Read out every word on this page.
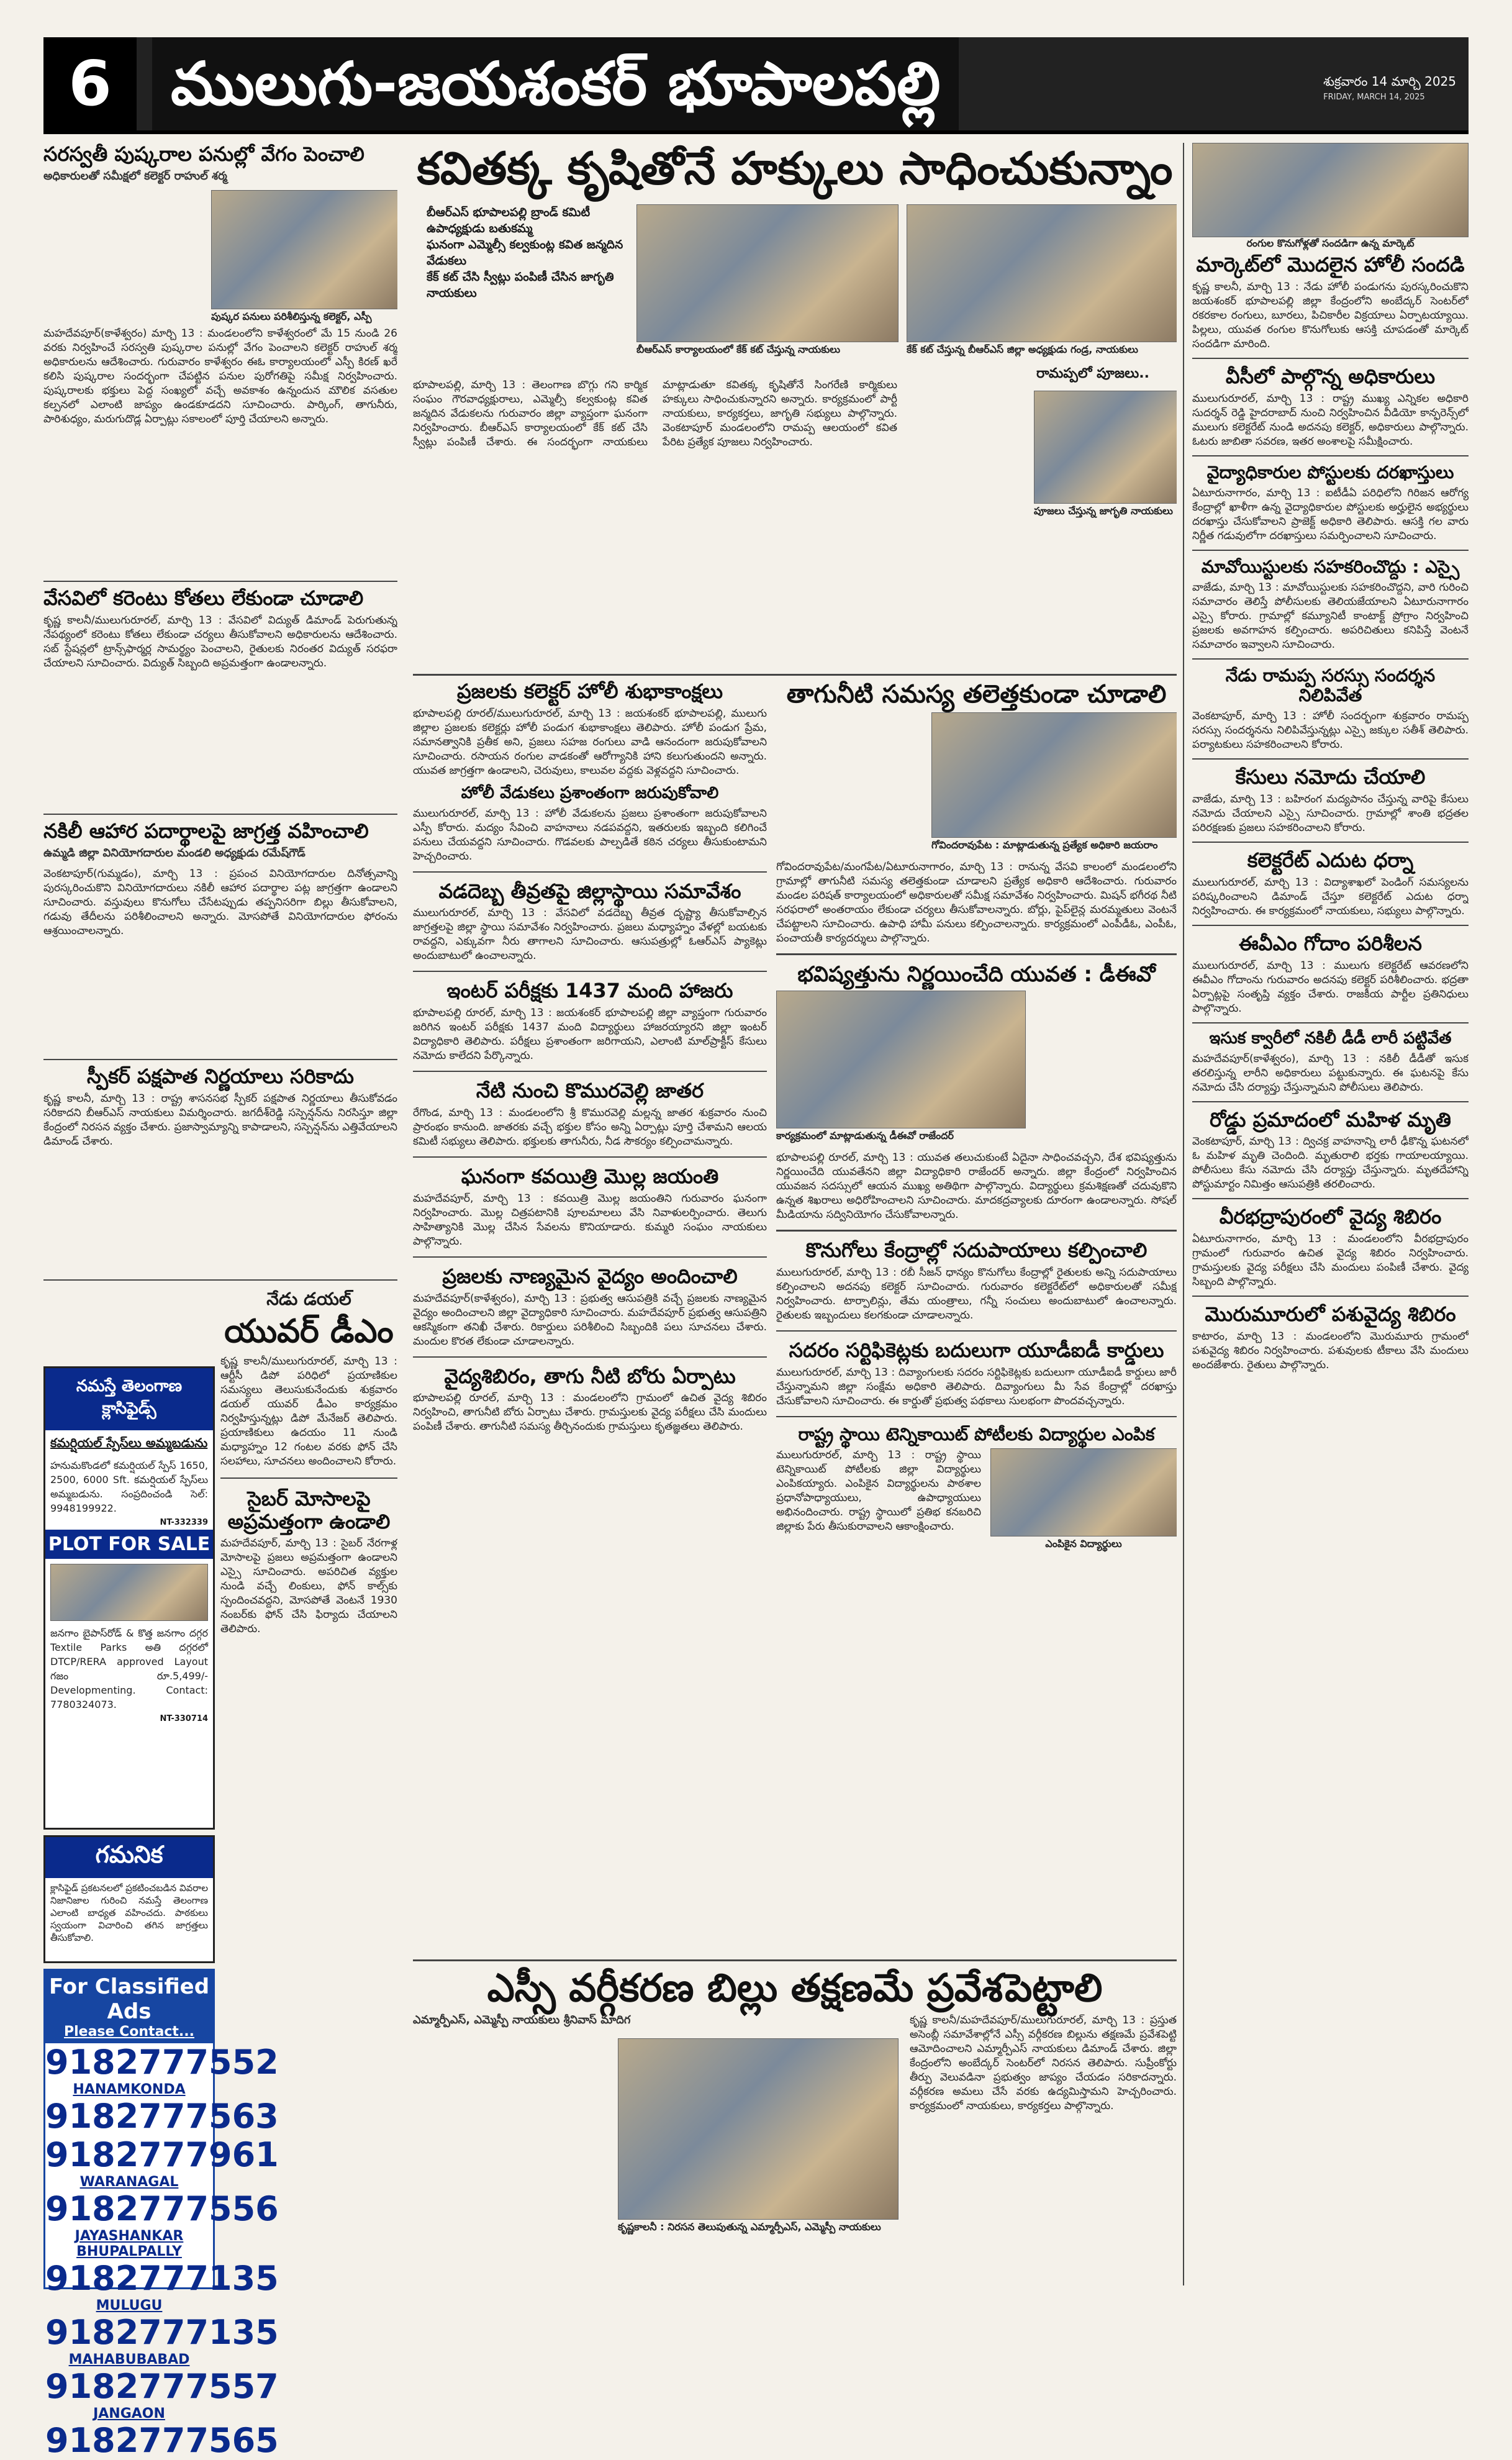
6 ములుగు-జయశంకర్ భూపాలపల్లి	శుక్రవారం 14 మార్చి 2025
FRIDAY, MARCH 14, 2025
సరస్వతీ పుష్కరాల పనుల్లో వేగం పెంచాలి
అధికారులతో సమీక్షలో కలెక్టర్ రాహుల్ శర్మ
పుష్కర పనులు పరిశీలిస్తున్న కలెక్టర్, ఎస్పీ
మహదేవపూర్(కాళేశ్వరం) మార్చి 13 : మండలంలోని కాళేశ్వరంలో మే 15 నుండి 26 వరకు నిర్వహించే సరస్వతి పుష్కరాల పనుల్లో వేగం పెంచాలని కలెక్టర్ రాహుల్ శర్మ అధికారులను ఆదేశించారు. గురువారం కాళేశ్వరం ఈఓ కార్యాలయంలో ఎస్పీ కిరణ్ ఖరే కలిసి పుష్కరాల సందర్భంగా చేపట్టిన పనుల పురోగతిపై సమీక్ష నిర్వహించారు. పుష్కరాలకు భక్తులు పెద్ద సంఖ్యలో వచ్చే అవకాశం ఉన్నందున మౌలిక వసతుల కల్పనలో ఎలాంటి జాప్యం ఉండకూడదని సూచించారు. పార్కింగ్, తాగునీరు, పారిశుధ్యం, మరుగుదొడ్ల ఏర్పాట్లు సకాలంలో పూర్తి చేయాలని అన్నారు.
వేసవిలో కరెంటు కోతలు లేకుండా చూడాలి
కృష్ణ కాలనీ/ములుగురూరల్, మార్చి 13 : వేసవిలో విద్యుత్ డిమాండ్ పెరుగుతున్న నేపథ్యంలో కరెంటు కోతలు లేకుండా చర్యలు తీసుకోవాలని అధికారులను ఆదేశించారు. సబ్ స్టేషన్లలో ట్రాన్స్‌ఫార్మర్ల సామర్థ్యం పెంచాలని, రైతులకు నిరంతర విద్యుత్ సరఫరా చేయాలని సూచించారు. విద్యుత్ సిబ్బంది అప్రమత్తంగా ఉండాలన్నారు.
నకిలీ ఆహార పదార్థాలపై జాగ్రత్త వహించాలి
ఉమ్మడి జిల్లా వినియోగదారుల మండలి అధ్యక్షుడు రమేష్‌గౌడ్
వెంకటాపూర్(గుమ్మడం), మార్చి 13 : ప్రపంచ వినియోగదారుల దినోత్సవాన్ని పురస్కరించుకొని వినియోగదారులు నకిలీ ఆహార పదార్థాల పట్ల జాగ్రత్తగా ఉండాలని సూచించారు. వస్తువులు కొనుగోలు చేసేటప్పుడు తప్పనిసరిగా బిల్లు తీసుకోవాలని, గడువు తేదీలను పరిశీలించాలని అన్నారు. మోసపోతే వినియోగదారుల ఫోరంను ఆశ్రయించాలన్నారు.
స్పీకర్ పక్షపాత నిర్ణయాలు సరికాదు
కృష్ణ కాలనీ, మార్చి 13 : రాష్ట్ర శాసనసభ స్పీకర్ పక్షపాత నిర్ణయాలు తీసుకోవడం సరికాదని బీఆర్‌ఎస్ నాయకులు విమర్శించారు. జగదీశ్‌రెడ్డి సస్పెన్షన్‌ను నిరసిస్తూ జిల్లా కేంద్రంలో నిరసన వ్యక్తం చేశారు. ప్రజాస్వామ్యాన్ని కాపాడాలని, సస్పెన్షన్‌ను ఎత్తివేయాలని డిమాండ్ చేశారు.
నమస్తే తెలంగాణ క్లాసిఫైడ్స్
కమర్షియల్ స్పేస్‌లు అమ్మబడును
హనుమకొండలో కమర్షియల్ స్పేస్ 1650, 2500, 6000 Sft. కమర్షియల్ స్పేస్‌లు అమ్మబడును. సంప్రదించండి సెల్: 9948199922.
NT-332339
PLOT FOR SALE
జనగాం బైపాస్‌రోడ్ & కొత్త జనగాం దగ్గర Textile Parks అతి దగ్గరలో DTCP/RERA approved Layout గజం రూ.5,499/- Developmenting. Contact: 7780324073.
NT-330714
నేడు డయల్
యువర్ డీఎం
కృష్ణ కాలనీ/ములుగురూరల్, మార్చి 13 : ఆర్టీసీ డిపో పరిధిలో ప్రయాణికుల సమస్యలు తెలుసుకునేందుకు శుక్రవారం డయల్ యువర్ డీఎం కార్యక్రమం నిర్వహిస్తున్నట్లు డిపో మేనేజర్ తెలిపారు. ప్రయాణికులు ఉదయం 11 నుండి మధ్యాహ్నం 12 గంటల వరకు ఫోన్ చేసి సలహాలు, సూచనలు అందించాలని కోరారు.
సైబర్ మోసాలపై అప్రమత్తంగా ఉండాలి
మహదేవపూర్, మార్చి 13 : సైబర్ నేరగాళ్ల మోసాలపై ప్రజలు అప్రమత్తంగా ఉండాలని ఎస్సై సూచించారు. అపరిచిత వ్యక్తుల నుండి వచ్చే లింకులు, ఫోన్ కాల్స్‌కు స్పందించవద్దని, మోసపోతే వెంటనే 1930 నంబర్‌కు ఫోన్ చేసి ఫిర్యాదు చేయాలని తెలిపారు.
గమనిక
క్లాసిఫైడ్ ప్రకటనలలో ప్రకటించబడిన వివరాల నిజానిజాల గురించి నమస్తే తెలంగాణ ఎలాంటి బాధ్యత వహించదు. పాఠకులు స్వయంగా విచారించి తగిన జాగ్రత్తలు తీసుకోవాలి.
For Classified Ads
Please Contact...
9182777552
HANAMKONDA
9182777563
9182777961
WARANAGAL
9182777556
JAYASHANKAR BHUPALPALLY
9182777135
MULUGU
9182777135
MAHABUBABAD
9182777557
JANGAON
9182777565
కవితక్క కృషితోనే హక్కులు సాధించుకున్నాం
• బీఆర్‌ఎస్ భూపాలపల్లి బ్రాండ్ కమిటీ ఉపాధ్యక్షుడు బతుకమ్మ
• ఘనంగా ఎమ్మెల్సీ కల్వకుంట్ల కవిత జన్మదిన వేడుకలు
• కేక్ కట్ చేసి స్వీట్లు పంపిణీ చేసిన జాగృతి నాయకులు
బీఆర్‌ఎస్ కార్యాలయంలో కేక్ కట్ చేస్తున్న నాయకులు	కేక్ కట్ చేస్తున్న బీఆర్‌ఎస్ జిల్లా అధ్యక్షుడు గండ్ర, నాయకులు
భూపాలపల్లి, మార్చి 13 : తెలంగాణ బొగ్గు గని కార్మిక సంఘం గౌరవాధ్యక్షురాలు, ఎమ్మెల్సీ కల్వకుంట్ల కవిత జన్మదిన వేడుకలను గురువారం జిల్లా వ్యాప్తంగా ఘనంగా నిర్వహించారు. బీఆర్‌ఎస్ కార్యాలయంలో కేక్ కట్ చేసి స్వీట్లు పంపిణీ చేశారు. ఈ సందర్భంగా నాయకులు మాట్లాడుతూ కవితక్క కృషితోనే సింగరేణి కార్మికులు హక్కులు సాధించుకున్నారని అన్నారు. కార్యక్రమంలో పార్టీ నాయకులు, కార్యకర్తలు, జాగృతి సభ్యులు పాల్గొన్నారు. వెంకటాపూర్ మండలంలోని రామప్ప ఆలయంలో కవిత పేరిట ప్రత్యేక పూజలు నిర్వహించారు.
రామప్పలో పూజలు..
పూజలు చేస్తున్న జాగృతి నాయకులు
ప్రజలకు కలెక్టర్ హోలీ శుభాకాంక్షలు
భూపాలపల్లి రూరల్/ములుగురూరల్, మార్చి 13 : జయశంకర్ భూపాలపల్లి, ములుగు జిల్లాల ప్రజలకు కలెక్టర్లు హోలీ పండుగ శుభాకాంక్షలు తెలిపారు. హోలీ పండుగ ప్రేమ, సమానత్వానికి ప్రతీక అని, ప్రజలు సహజ రంగులు వాడి ఆనందంగా జరుపుకోవాలని సూచించారు. రసాయన రంగుల వాడకంతో ఆరోగ్యానికి హాని కలుగుతుందని అన్నారు. యువత జాగ్రత్తగా ఉండాలని, చెరువులు, కాలువల వద్దకు వెళ్లవద్దని సూచించారు.
హోలీ వేడుకలు ప్రశాంతంగా జరుపుకోవాలి
ములుగురూరల్, మార్చి 13 : హోలీ వేడుకలను ప్రజలు ప్రశాంతంగా జరుపుకోవాలని ఎస్పీ కోరారు. మద్యం సేవించి వాహనాలు నడపవద్దని, ఇతరులకు ఇబ్బంది కలిగించే పనులు చేయవద్దని సూచించారు. గొడవలకు పాల్పడితే కఠిన చర్యలు తీసుకుంటామని హెచ్చరించారు.
వడదెబ్బ తీవ్రతపై జిల్లాస్థాయి సమావేశం
ములుగురూరల్, మార్చి 13 : వేసవిలో వడదెబ్బ తీవ్రత దృష్ట్యా తీసుకోవాల్సిన జాగ్రత్తలపై జిల్లా స్థాయి సమావేశం నిర్వహించారు. ప్రజలు మధ్యాహ్నం వేళల్లో బయటకు రావద్దని, ఎక్కువగా నీరు తాగాలని సూచించారు. ఆసుపత్రుల్లో ఓఆర్‌ఎస్ ప్యాకెట్లు అందుబాటులో ఉంచాలన్నారు.
ఇంటర్ పరీక్షకు 1437 మంది హాజరు
భూపాలపల్లి రూరల్, మార్చి 13 : జయశంకర్ భూపాలపల్లి జిల్లా వ్యాప్తంగా గురువారం జరిగిన ఇంటర్ పరీక్షకు 1437 మంది విద్యార్థులు హాజరయ్యారని జిల్లా ఇంటర్ విద్యాధికారి తెలిపారు. పరీక్షలు ప్రశాంతంగా జరిగాయని, ఎలాంటి మాల్‌ప్రాక్టీస్ కేసులు నమోదు కాలేదని పేర్కొన్నారు.
నేటి నుంచి కొమురవెల్లి జాతర
రేగొండ, మార్చి 13 : మండలంలోని శ్రీ కొమురవెల్లి మల్లన్న జాతర శుక్రవారం నుంచి ప్రారంభం కానుంది. జాతరకు వచ్చే భక్తుల కోసం అన్ని ఏర్పాట్లు పూర్తి చేశామని ఆలయ కమిటీ సభ్యులు తెలిపారు. భక్తులకు తాగునీరు, నీడ సౌకర్యం కల్పించామన్నారు.
ఘనంగా కవయిత్రి మొల్ల జయంతి
మహదేవపూర్, మార్చి 13 : కవయిత్రి మొల్ల జయంతిని గురువారం ఘనంగా నిర్వహించారు. మొల్ల చిత్రపటానికి పూలమాలలు వేసి నివాళులర్పించారు. తెలుగు సాహిత్యానికి మొల్ల చేసిన సేవలను కొనియాడారు. కుమ్మరి సంఘం నాయకులు పాల్గొన్నారు.
ప్రజలకు నాణ్యమైన వైద్యం అందించాలి
మహదేవపూర్(కాళేశ్వరం), మార్చి 13 : ప్రభుత్వ ఆసుపత్రికి వచ్చే ప్రజలకు నాణ్యమైన వైద్యం అందించాలని జిల్లా వైద్యాధికారి సూచించారు. మహదేవపూర్ ప్రభుత్వ ఆసుపత్రిని ఆకస్మికంగా తనిఖీ చేశారు. రికార్డులు పరిశీలించి సిబ్బందికి పలు సూచనలు చేశారు. మందుల కొరత లేకుండా చూడాలన్నారు.
వైద్యశిబిరం, తాగు నీటి బోరు ఏర్పాటు
భూపాలపల్లి రూరల్, మార్చి 13 : మండలంలోని గ్రామంలో ఉచిత వైద్య శిబిరం నిర్వహించి, తాగునీటి బోరు ఏర్పాటు చేశారు. గ్రామస్తులకు వైద్య పరీక్షలు చేసి మందులు పంపిణీ చేశారు. తాగునీటి సమస్య తీర్చినందుకు గ్రామస్తులు కృతజ్ఞతలు తెలిపారు.
తాగునీటి సమస్య తలెత్తకుండా చూడాలి
గోవిందరావుపేట : మాట్లాడుతున్న ప్రత్యేక అధికారి జయరాం
గోవిందరావుపేట/మంగపేట/ఏటూరునాగారం, మార్చి 13 : రానున్న వేసవి కాలంలో మండలంలోని గ్రామాల్లో తాగునీటి సమస్య తలెత్తకుండా చూడాలని ప్రత్యేక అధికారి ఆదేశించారు. గురువారం మండల పరిషత్ కార్యాలయంలో అధికారులతో సమీక్ష సమావేశం నిర్వహించారు. మిషన్ భగీరథ నీటి సరఫరాలో అంతరాయం లేకుండా చర్యలు తీసుకోవాలన్నారు. బోర్లు, పైప్‌లైన్ల మరమ్మతులు వెంటనే చేపట్టాలని సూచించారు. ఉపాధి హామీ పనులు కల్పించాలన్నారు. కార్యక్రమంలో ఎంపీడీఓ, ఎంపీఓ, పంచాయతీ కార్యదర్శులు పాల్గొన్నారు.
భవిష్యత్తును నిర్ణయించేది యువత : డీఈవో
కార్యక్రమంలో మాట్లాడుతున్న డీఈవో రాజేందర్
భూపాలపల్లి రూరల్, మార్చి 13 : యువత తలుచుకుంటే ఏదైనా సాధించవచ్చని, దేశ భవిష్యత్తును నిర్ణయించేది యువతేనని జిల్లా విద్యాధికారి రాజేందర్ అన్నారు. జిల్లా కేంద్రంలో నిర్వహించిన యువజన సదస్సులో ఆయన ముఖ్య అతిథిగా పాల్గొన్నారు. విద్యార్థులు క్రమశిక్షణతో చదువుకొని ఉన్నత శిఖరాలు అధిరోహించాలని సూచించారు. మాదకద్రవ్యాలకు దూరంగా ఉండాలన్నారు. సోషల్ మీడియాను సద్వినియోగం చేసుకోవాలన్నారు.
కొనుగోలు కేంద్రాల్లో సదుపాయాలు కల్పించాలి
ములుగురూరల్, మార్చి 13 : రబీ సీజన్ ధాన్యం కొనుగోలు కేంద్రాల్లో రైతులకు అన్ని సదుపాయాలు కల్పించాలని అదనపు కలెక్టర్ సూచించారు. గురువారం కలెక్టరేట్‌లో అధికారులతో సమీక్ష నిర్వహించారు. టార్పాలిన్లు, తేమ యంత్రాలు, గన్నీ సంచులు అందుబాటులో ఉంచాలన్నారు. రైతులకు ఇబ్బందులు కలగకుండా చూడాలన్నారు.
సదరం సర్టిఫికెట్లకు బదులుగా యూడీఐడీ కార్డులు
ములుగురూరల్, మార్చి 13 : దివ్యాంగులకు సదరం సర్టిఫికెట్లకు బదులుగా యూడీఐడీ కార్డులు జారీ చేస్తున్నామని జిల్లా సంక్షేమ అధికారి తెలిపారు. దివ్యాంగులు మీ సేవ కేంద్రాల్లో దరఖాస్తు చేసుకోవాలని సూచించారు. ఈ కార్డుతో ప్రభుత్వ పథకాలు సులభంగా పొందవచ్చన్నారు.
రాష్ట్ర స్థాయి టెన్నికాయిట్ పోటీలకు విద్యార్థుల ఎంపిక
ఎంపికైన విద్యార్థులు
ములుగురూరల్, మార్చి 13 : రాష్ట్ర స్థాయి టెన్నికాయిట్ పోటీలకు జిల్లా విద్యార్థులు ఎంపికయ్యారు. ఎంపికైన విద్యార్థులను పాఠశాల ప్రధానోపాధ్యాయులు, ఉపాధ్యాయులు అభినందించారు. రాష్ట్ర స్థాయిలో ప్రతిభ కనబరిచి జిల్లాకు పేరు తీసుకురావాలని ఆకాంక్షించారు.
ఎస్సీ వర్గీకరణ బిల్లు తక్షణమే ప్రవేశపెట్టాలి
ఎమ్మార్పీఎస్, ఎమ్మెస్పీ నాయకులు శ్రీనివాస్ మాదిగ
కృష్ణకాలనీ : నిరసన తెలుపుతున్న ఎమ్మార్పీఎస్, ఎమ్మెస్పీ నాయకులు
కృష్ణ కాలనీ/మహదేవపూర్/ములుగురూరల్, మార్చి 13 : ప్రస్తుత అసెంబ్లీ సమావేశాల్లోనే ఎస్సీ వర్గీకరణ బిల్లును తక్షణమే ప్రవేశపెట్టి ఆమోదించాలని ఎమ్మార్పీఎస్ నాయకులు డిమాండ్ చేశారు. జిల్లా కేంద్రంలోని అంబేద్కర్ సెంటర్‌లో నిరసన తెలిపారు. సుప్రీంకోర్టు తీర్పు వెలువడినా ప్రభుత్వం జాప్యం చేయడం సరికాదన్నారు. వర్గీకరణ అమలు చేసే వరకు ఉద్యమిస్తామని హెచ్చరించారు. కార్యక్రమంలో నాయకులు, కార్యకర్తలు పాల్గొన్నారు.
రంగుల కొనుగోళ్లతో సందడిగా ఉన్న మార్కెట్
మార్కెట్‌లో మొదలైన హోలీ సందడి
కృష్ణ కాలనీ, మార్చి 13 : నేడు హోలీ పండుగను పురస్కరించుకొని జయశంకర్ భూపాలపల్లి జిల్లా కేంద్రంలోని అంబేద్కర్ సెంటర్‌లో రకరకాల రంగులు, బూరలు, పిచికారీల విక్రయాలు ఏర్పాటయ్యాయి. పిల్లలు, యువత రంగుల కొనుగోలుకు ఆసక్తి చూపడంతో మార్కెట్ సందడిగా మారింది.
వీసీలో పాల్గొన్న అధికారులు
ములుగురూరల్, మార్చి 13 : రాష్ట్ర ముఖ్య ఎన్నికల అధికారి సుదర్శన్ రెడ్డి హైదరాబాద్ నుంచి నిర్వహించిన వీడియో కాన్ఫరెన్స్‌లో ములుగు కలెక్టరేట్ నుండి అదనపు కలెక్టర్, అధికారులు పాల్గొన్నారు. ఓటరు జాబితా సవరణ, ఇతర అంశాలపై సమీక్షించారు.
వైద్యాధికారుల పోస్టులకు దరఖాస్తులు
ఏటూరునాగారం, మార్చి 13 : ఐటీడీఏ పరిధిలోని గిరిజన ఆరోగ్య కేంద్రాల్లో ఖాళీగా ఉన్న వైద్యాధికారుల పోస్టులకు అర్హులైన అభ్యర్థులు దరఖాస్తు చేసుకోవాలని ప్రాజెక్ట్ అధికారి తెలిపారు. ఆసక్తి గల వారు నిర్ణీత గడువులోగా దరఖాస్తులు సమర్పించాలని సూచించారు.
మావోయిస్టులకు సహకరించొద్దు : ఎస్సై
వాజేడు, మార్చి 13 : మావోయిస్టులకు సహకరించొద్దని, వారి గురించి సమాచారం తెలిస్తే పోలీసులకు తెలియజేయాలని ఏటూరునాగారం ఎస్సై కోరారు. గ్రామాల్లో కమ్యూనిటీ కాంటాక్ట్ ప్రోగ్రాం నిర్వహించి ప్రజలకు అవగాహన కల్పించారు. అపరిచితులు కనిపిస్తే వెంటనే సమాచారం ఇవ్వాలని సూచించారు.
నేడు రామప్ప సరస్సు సందర్శన నిలిపివేత
వెంకటాపూర్, మార్చి 13 : హోలీ సందర్భంగా శుక్రవారం రామప్ప సరస్సు సందర్శనను నిలిపివేస్తున్నట్లు ఎస్సై జక్కుల సతీశ్ తెలిపారు. పర్యాటకులు సహకరించాలని కోరారు.
కేసులు నమోదు చేయాలి
వాజేడు, మార్చి 13 : బహిరంగ మద్యపానం చేస్తున్న వారిపై కేసులు నమోదు చేయాలని ఎస్సై సూచించారు. గ్రామాల్లో శాంతి భద్రతల పరిరక్షణకు ప్రజలు సహకరించాలని కోరారు.
కలెక్టరేట్ ఎదుట ధర్నా
ములుగురూరల్, మార్చి 13 : విద్యాశాఖలో పెండింగ్ సమస్యలను పరిష్కరించాలని డిమాండ్ చేస్తూ కలెక్టరేట్ ఎదుట ధర్నా నిర్వహించారు. ఈ కార్యక్రమంలో నాయకులు, సభ్యులు పాల్గొన్నారు.
ఈవీఎం గోదాం పరిశీలన
ములుగురూరల్, మార్చి 13 : ములుగు కలెక్టరేట్ ఆవరణలోని ఈవీఎం గోదాంను గురువారం అదనపు కలెక్టర్ పరిశీలించారు. భద్రతా ఏర్పాట్లపై సంతృప్తి వ్యక్తం చేశారు. రాజకీయ పార్టీల ప్రతినిధులు పాల్గొన్నారు.
ఇసుక క్వారీలో నకిలీ డీడీ లారీ పట్టివేత
మహదేవపూర్(కాళేశ్వరం), మార్చి 13 : నకిలీ డీడీతో ఇసుక తరలిస్తున్న లారీని అధికారులు పట్టుకున్నారు. ఈ ఘటనపై కేసు నమోదు చేసి దర్యాప్తు చేస్తున్నామని పోలీసులు తెలిపారు.
రోడ్డు ప్రమాదంలో మహిళ మృతి
వెంకటాపూర్, మార్చి 13 : ద్విచక్ర వాహనాన్ని లారీ ఢీకొన్న ఘటనలో ఓ మహిళ మృతి చెందింది. మృతురాలి భర్తకు గాయాలయ్యాయి. పోలీసులు కేసు నమోదు చేసి దర్యాప్తు చేస్తున్నారు. మృతదేహాన్ని పోస్టుమార్టం నిమిత్తం ఆసుపత్రికి తరలించారు.
వీరభద్రాపురంలో వైద్య శిబిరం
ఏటూరునాగారం, మార్చి 13 : మండలంలోని వీరభద్రాపురం గ్రామంలో గురువారం ఉచిత వైద్య శిబిరం నిర్వహించారు. గ్రామస్తులకు వైద్య పరీక్షలు చేసి మందులు పంపిణీ చేశారు. వైద్య సిబ్బంది పాల్గొన్నారు.
మొరుమూరులో పశువైద్య శిబిరం
కాటారం, మార్చి 13 : మండలంలోని మొరుమూరు గ్రామంలో పశువైద్య శిబిరం నిర్వహించారు. పశువులకు టీకాలు వేసి మందులు అందజేశారు. రైతులు పాల్గొన్నారు.
